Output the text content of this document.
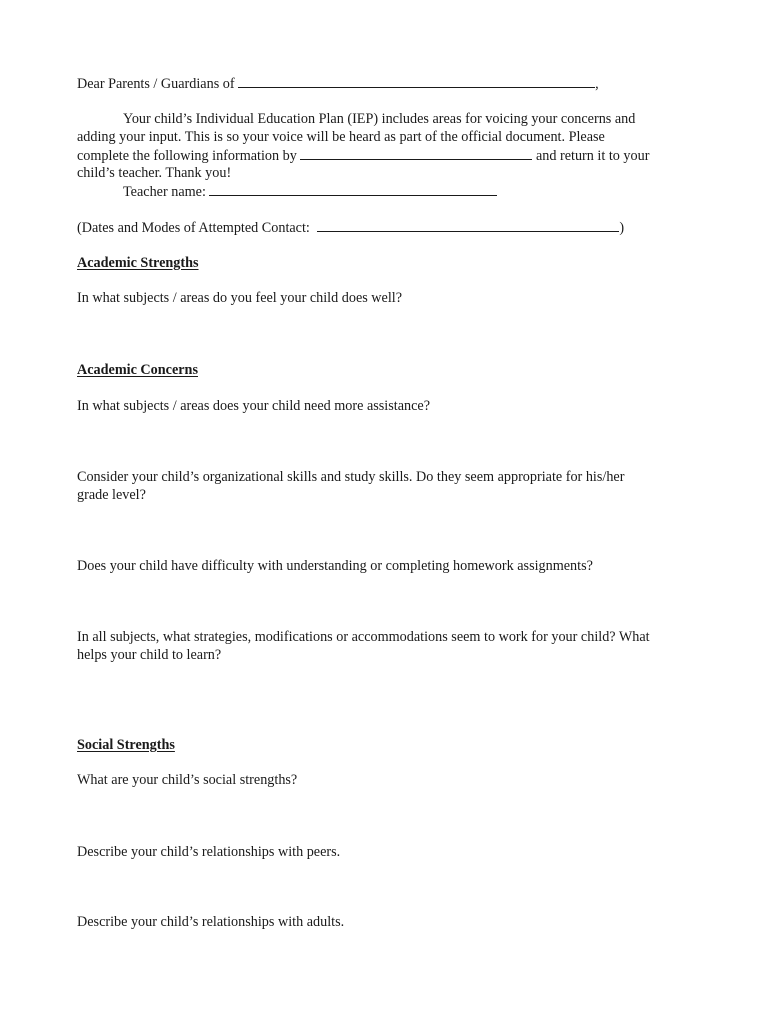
Dear Parents / Guardians of	,
Your child’s Individual Education Plan (IEP) includes areas for voicing your concerns and
adding your input. This is so your voice will be heard as part of the official document. Please
complete the following information by	and return it to your
child’s teacher. Thank you!
Teacher name:
(Dates and Modes of Attempted Contact:	)
Academic Strengths
In what subjects / areas do you feel your child does well?
Academic Concerns
In what subjects / areas does your child need more assistance?
Consider your child’s organizational skills and study skills. Do they seem appropriate for his/her
grade level?
Does your child have difficulty with understanding or completing homework assignments?
In all subjects, what strategies, modifications or accommodations seem to work for your child? What
helps your child to learn?
Social Strengths
What are your child’s social strengths?
Describe your child’s relationships with peers.
Describe your child’s relationships with adults.
